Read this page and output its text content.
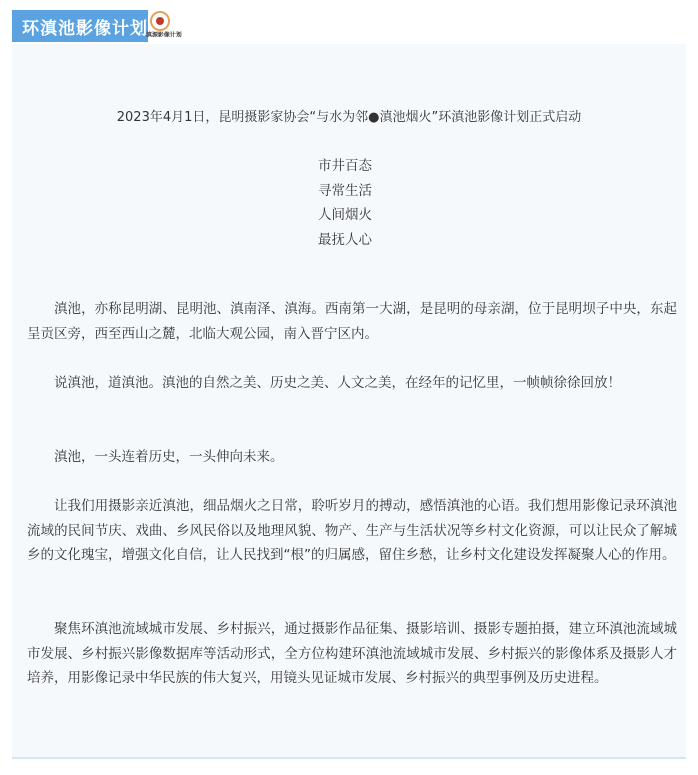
环滇池影像计划
滇源影像计划
2023年4月1日，昆明摄影家协会“与水为邻●滇池烟火”环滇池影像计划正式启动
市井百态
寻常生活
人间烟火
最抚人心

滇池，亦称昆明湖、昆明池、滇南泽、滇海。西南第一大湖，是昆明的母亲湖，位于昆明坝子中央，东起呈贡区旁，西至西山之麓，北临大观公园，南入晋宁区内。

说滇池，道滇池。滇池的自然之美、历史之美、人文之美，在经年的记忆里，一帧帧徐徐回放！

滇池，一头连着历史，一头伸向未来。

让我们用摄影亲近滇池，细品烟火之日常，聆听岁月的搏动，感悟滇池的心语。我们想用影像记录环滇池流域的民间节庆、戏曲、乡风民俗以及地理风貌、物产、生产与生活状况等乡村文化资源，可以让民众了解城乡的文化瑰宝，增强文化自信，让人民找到“根”的归属感，留住乡愁，让乡村文化建设发挥凝聚人心的作用。

聚焦环滇池流域城市发展、乡村振兴，通过摄影作品征集、摄影培训、摄影专题拍摄，建立环滇池流域城市发展、乡村振兴影像数据库等活动形式，全方位构建环滇池流域城市发展、乡村振兴的影像体系及摄影人才培养，用影像记录中华民族的伟大复兴，用镜头见证城市发展、乡村振兴的典型事例及历史进程。
